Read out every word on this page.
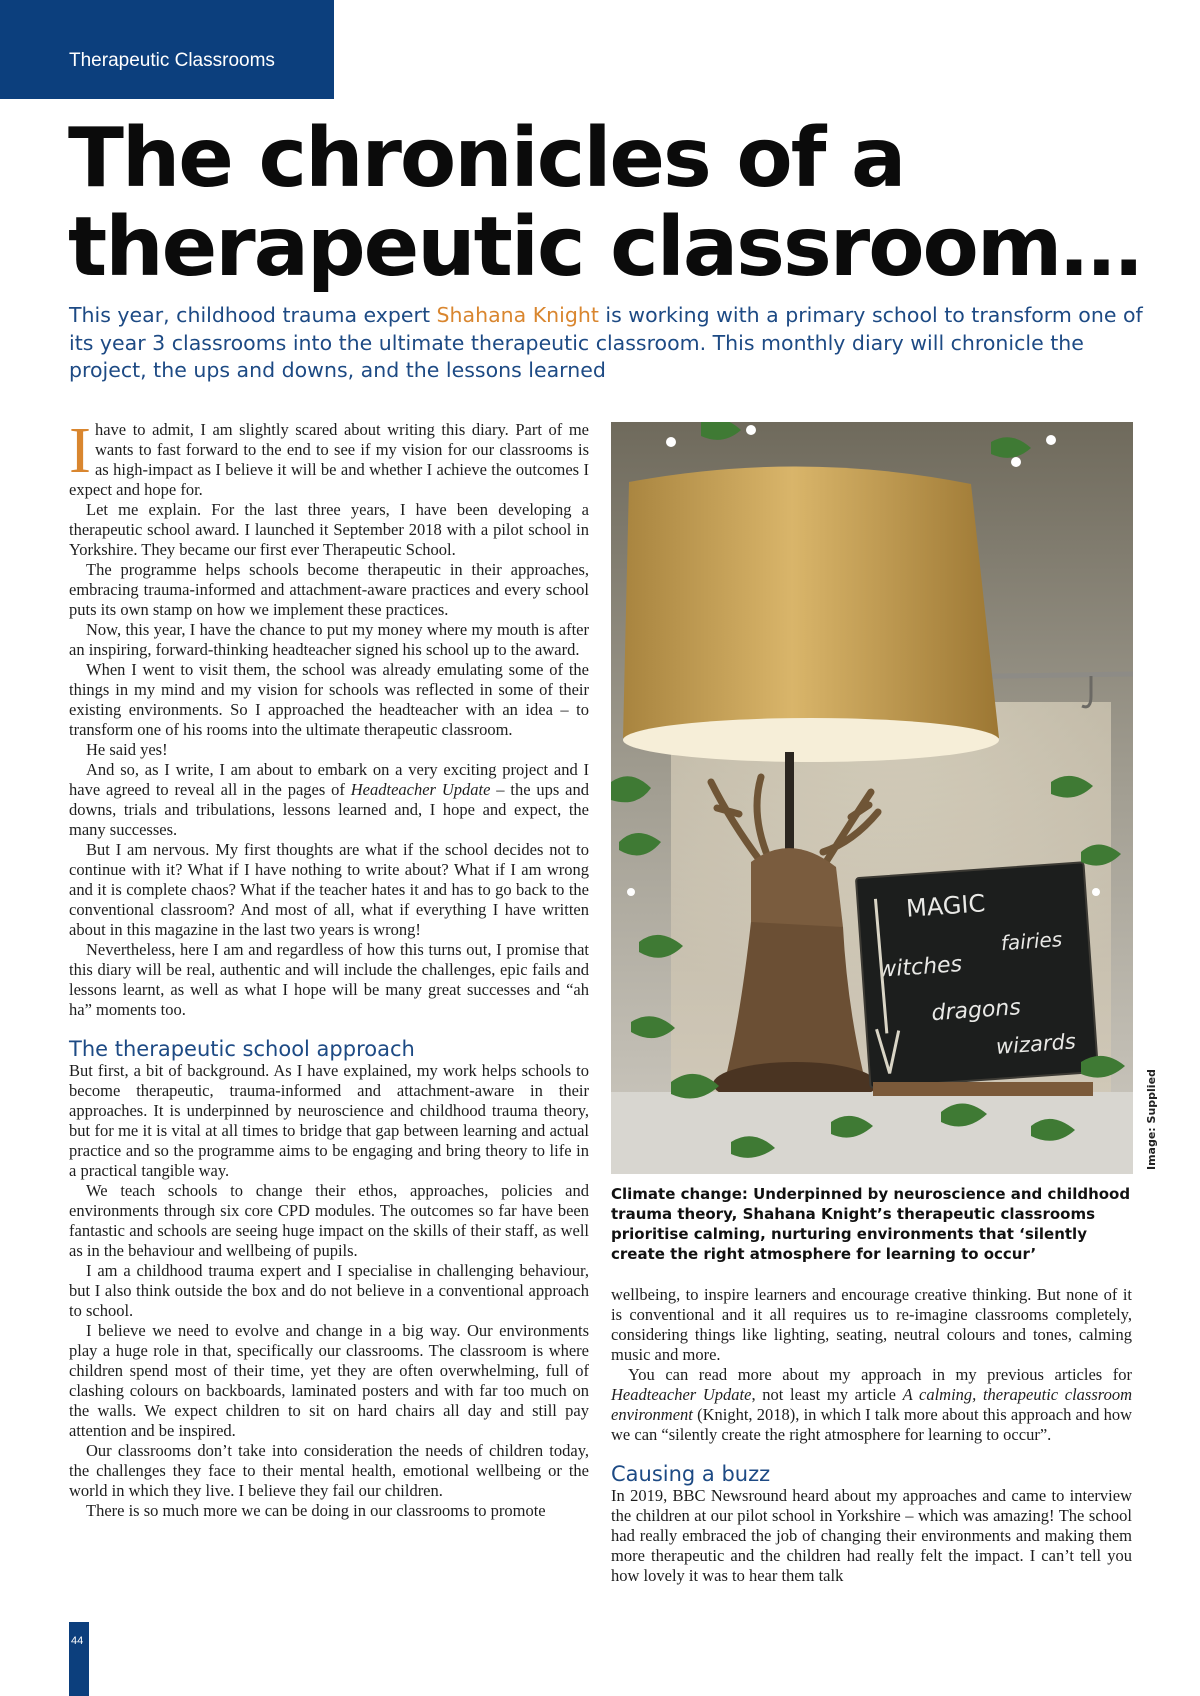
Therapeutic Classrooms
The chronicles of a therapeutic classroom…

This year, childhood trauma expert Shahana Knight is working with a primary school to transform one of its year 3 classrooms into the ultimate therapeutic classroom. This monthly diary will chronicle the project, the ups and downs, and the lessons learned

Ihave to admit, I am slightly scared about writing this diary. Part of me wants to fast forward to the end to see if my vision for our classrooms is as high-impact as I believe it will be and whether I achieve the outcomes I expect and hope for.

Let me explain. For the last three years, I have been developing a therapeutic school award. I launched it September 2018 with a pilot school in Yorkshire. They became our first ever Therapeutic School.

The programme helps schools become therapeutic in their approaches, embracing trauma-informed and attachment-aware practices and every school puts its own stamp on how we implement these practices.

Now, this year, I have the chance to put my money where my mouth is after an inspiring, forward-thinking headteacher signed his school up to the award.

When I went to visit them, the school was already emulating some of the things in my mind and my vision for schools was reflected in some of their existing environments. So I approached the headteacher with an idea – to transform one of his rooms into the ultimate therapeutic classroom.

He said yes!

And so, as I write, I am about to embark on a very exciting project and I have agreed to reveal all in the pages of Headteacher Update – the ups and downs, trials and tribulations, lessons learned and, I hope and expect, the many successes.

But I am nervous. My first thoughts are what if the school decides not to continue with it? What if I have nothing to write about? What if I am wrong and it is complete chaos? What if the teacher hates it and has to go back to the conventional classroom? And most of all, what if everything I have written about in this magazine in the last two years is wrong!

Nevertheless, here I am and regardless of how this turns out, I promise that this diary will be real, authentic and will include the challenges, epic fails and lessons learnt, as well as what I hope will be many great successes and “ah ha” moments too.

The therapeutic school approach

But first, a bit of background. As I have explained, my work helps schools to become therapeutic, trauma-informed and attachment-aware in their approaches. It is underpinned by neuroscience and childhood trauma theory, but for me it is vital at all times to bridge that gap between learning and actual practice and so the programme aims to be engaging and bring theory to life in a practical tangible way.

We teach schools to change their ethos, approaches, policies and environments through six core CPD modules. The outcomes so far have been fantastic and schools are seeing huge impact on the skills of their staff, as well as in the behaviour and wellbeing of pupils.

I am a childhood trauma expert and I specialise in challenging behaviour, but I also think outside the box and do not believe in a conventional approach to school.

I believe we need to evolve and change in a big way. Our environments play a huge role in that, specifically our classrooms. The classroom is where children spend most of their time, yet they are often overwhelming, full of clashing colours on backboards, laminated posters and with far too much on the walls. We expect children to sit on hard chairs all day and still pay attention and be inspired.

Our classrooms don’t take into consideration the needs of children today, the challenges they face to their mental health, emotional wellbeing or the world in which they live. I believe they fail our children.

There is so much more we can be doing in our classrooms to promote

MAGIC
witches
fairies
dragons
wizards
Image: Supplied

Climate change: Underpinned by neuroscience and childhood trauma theory, Shahana Knight’s therapeutic classrooms prioritise calming, nurturing environments that ‘silently create the right atmosphere for learning to occur’

wellbeing, to inspire learners and encourage creative thinking. But none of it is conventional and it all requires us to re-imagine classrooms completely, considering things like lighting, seating, neutral colours and tones, calming music and more.

You can read more about my approach in my previous articles for Headteacher Update, not least my article A calming, therapeutic classroom environment (Knight, 2018), in which I talk more about this approach and how we can “silently create the right atmosphere for learning to occur”.

Causing a buzz

In 2019, BBC Newsround heard about my approaches and came to interview the children at our pilot school in Yorkshire – which was amazing! The school had really embraced the job of changing their environments and making them more therapeutic and the children had really felt the impact. I can’t tell you how lovely it was to hear them talk

44
